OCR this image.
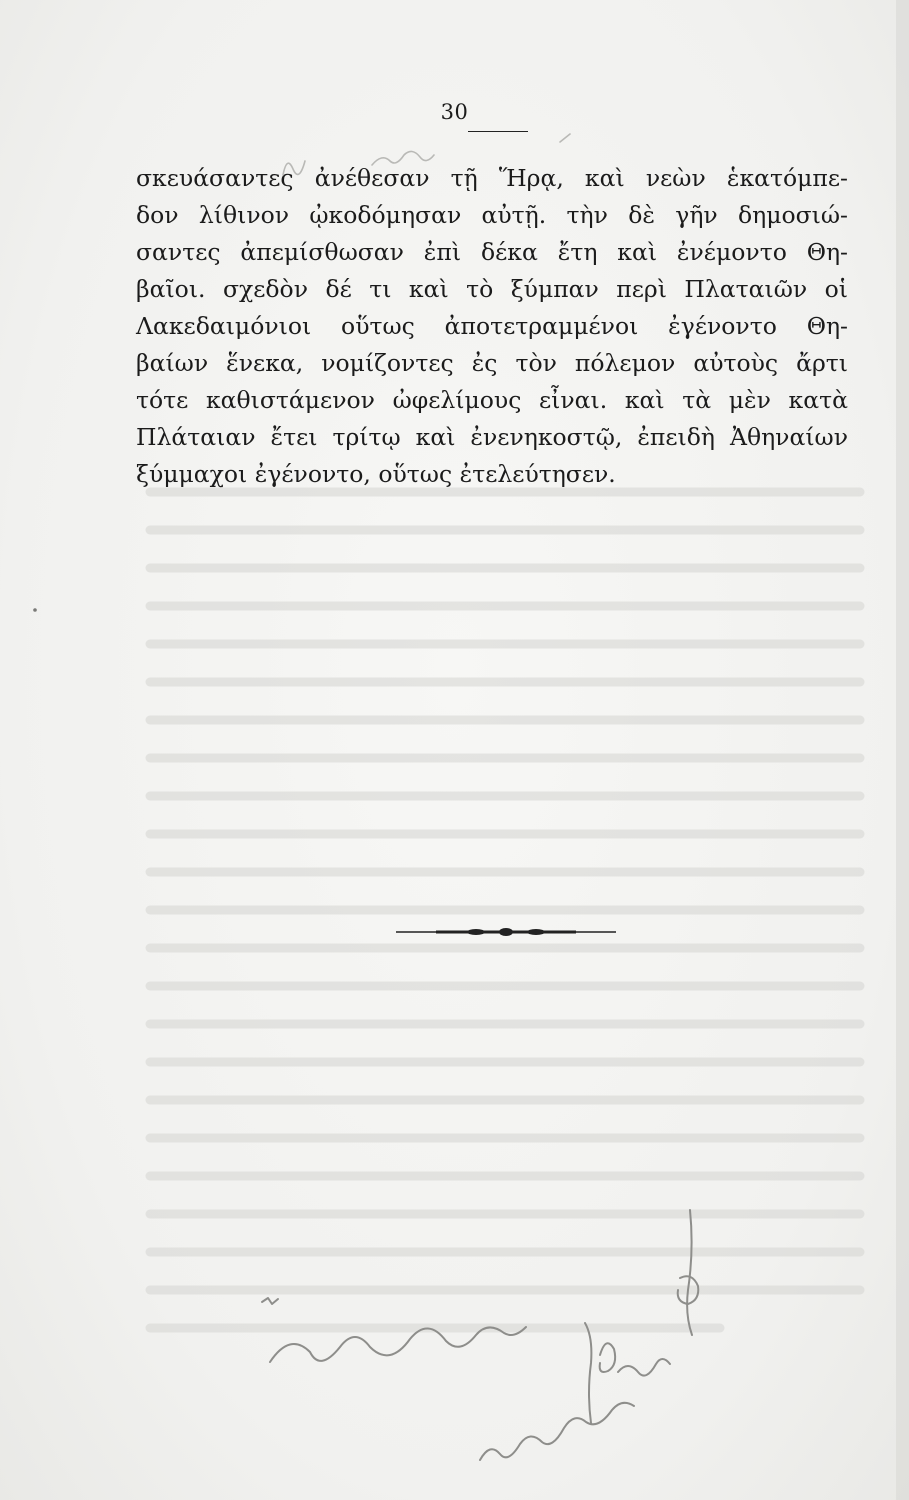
30
σκευάσαντες ἀνέθεσαν τῇ Ἥρᾳ, καὶ νεὼν ἑκατόμπε-
δον λίθινον ᾠκοδόμησαν αὐτῇ. τὴν δὲ γῆν δημοσιώ-
σαντες ἀπεμίσθωσαν ἐπὶ δέκα ἔτη καὶ ἐνέμοντο Θη-
βαῖοι. σχεδὸν δέ τι καὶ τὸ ξύμπαν περὶ Πλαταιῶν οἱ
Λακεδαιμόνιοι οὕτως ἀποτετραμμένοι ἐγένοντο Θη-
βαίων ἕνεκα, νομίζοντες ἐς τὸν πόλεμον αὐτοὺς ἄρτι
τότε καθιστάμενον ὠφελίμους εἶναι. καὶ τὰ μὲν κατὰ
Πλάταιαν ἔτει τρίτῳ καὶ ἐνενηκοστῷ, ἐπειδὴ Ἀθηναίων
ξύμμαχοι ἐγένοντο, οὕτως ἐτελεύτησεν.
